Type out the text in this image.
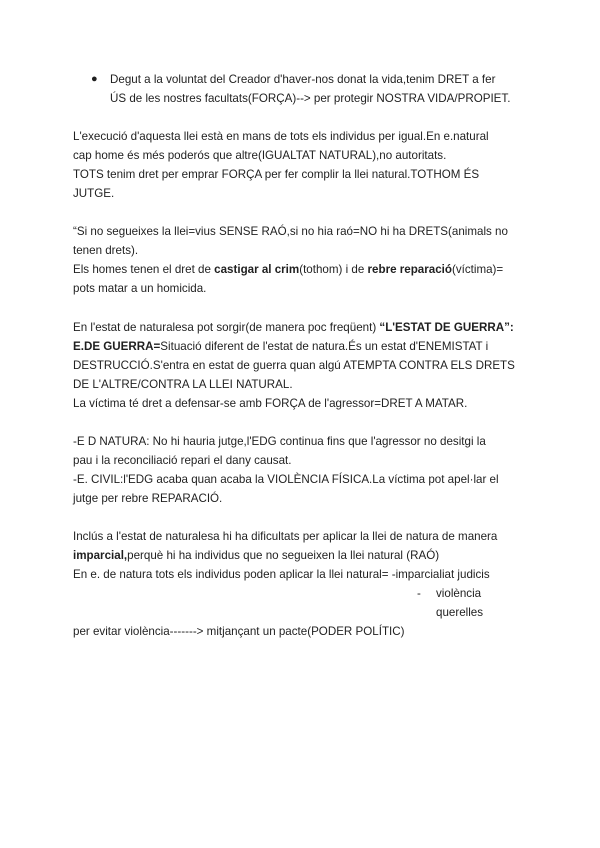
● Degut a la voluntat del Creador d'haver-nos donat la vida,tenim DRET a fer
ÚS de les nostres facultats(FORÇA)--> per protegir NOSTRA VIDA/PROPIET.
L'execució d'aquesta llei està en mans de tots els individus per igual.En e.natural
cap home és més poderós que altre(IGUALTAT NATURAL),no autoritats.
TOTS tenim dret per emprar FORÇA per fer complir la llei natural.TOTHOM ÉS
JUTGE.
“Si no segueixes la llei=vius SENSE RAÓ,si no hia raó=NO hi ha DRETS(animals no
tenen drets).
Els homes tenen el dret de castigar al crim(tothom) i de rebre reparació(víctima)=
pots matar a un homicida.
En l'estat de naturalesa pot sorgir(de manera poc freqüent) “L'ESTAT DE GUERRA”:
E.DE GUERRA=Situació diferent de l'estat de natura.És un estat d'ENEMISTAT i
DESTRUCCIÓ.S'entra en estat de guerra quan algú ATEMPTA CONTRA ELS DRETS
DE L'ALTRE/CONTRA LA LLEI NATURAL.
La víctima té dret a defensar-se amb FORÇA de l'agressor=DRET A MATAR.
-E D NATURA: No hi hauria jutge,l'EDG continua fins que l'agressor no desitgi la
pau i la reconciliació repari el dany causat.
-E. CIVIL:l'EDG acaba quan acaba la VIOLÈNCIA FÍSICA.La víctima pot apel·lar el
jutge per rebre REPARACIÓ.
Inclús a l'estat de naturalesa hi ha dificultats per aplicar la llei de natura de manera
imparcial,perquè hi ha individus que no segueixen la llei natural (RAÓ)
En e. de natura tots els individus poden aplicar la llei natural= -imparcialiat judicis
- violència
querelles
per evitar violència-------> mitjançant un pacte(PODER POLÍTIC)
